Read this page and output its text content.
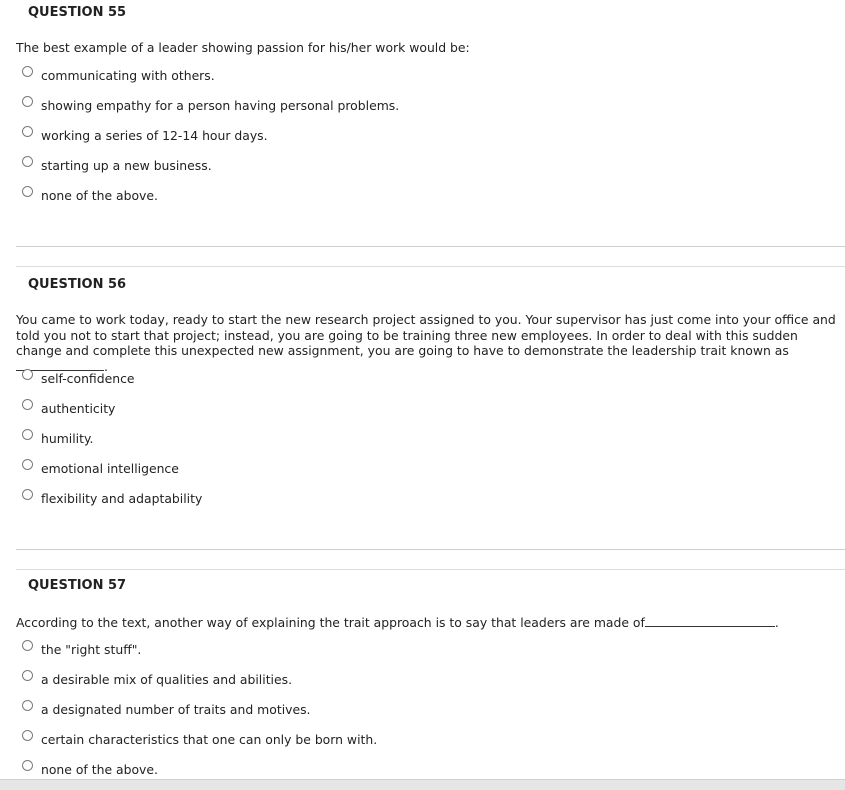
QUESTION 55

The best example of a leader showing passion for his/her work would be:

communicating with others.
showing empathy for a person having personal problems.
working a series of 12-14 hour days.
starting up a new business.
none of the above.
QUESTION 56

You came to work today, ready to start the new research project assigned to you. Your supervisor has just come into your office and told you not to start that project; instead, you are going to be training three new employees. In order to deal with this sudden change and complete this unexpected new assignment, you are going to have to demonstrate the leadership trait known as .

self-confidence
authenticity
humility.
emotional intelligence
flexibility and adaptability
QUESTION 57

According to the text, another way of explaining the trait approach is to say that leaders are made of	.

the "right stuff".
a desirable mix of qualities and abilities.
a designated number of traits and motives.
certain characteristics that one can only be born with.
none of the above.
